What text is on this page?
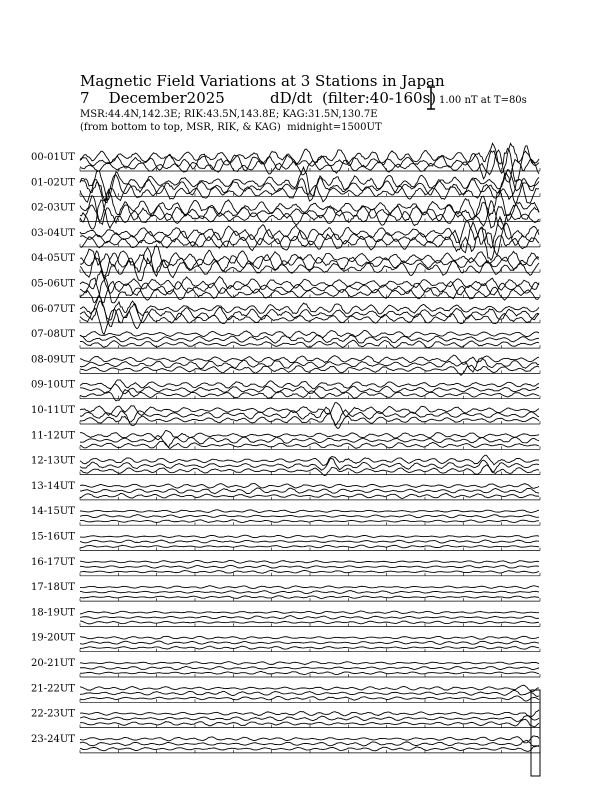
Magnetic Field Variations at 3 Stations in Japan
7    December2025	dD/dt (filter:40-160s)
MSR:44.4N,142.3E; RIK:43.5N,143.8E; KAG:31.5N,130.7E
(from bottom to top, MSR, RIK, & KAG)  midnight=1500UT
1.00 nT at T=80s
00-01UT
01-02UT
02-03UT
03-04UT
04-05UT
05-06UT
06-07UT
07-08UT
08-09UT
09-10UT
10-11UT
11-12UT
12-13UT
13-14UT
14-15UT
15-16UT
16-17UT
17-18UT
18-19UT
19-20UT
20-21UT
21-22UT
22-23UT
23-24UT
